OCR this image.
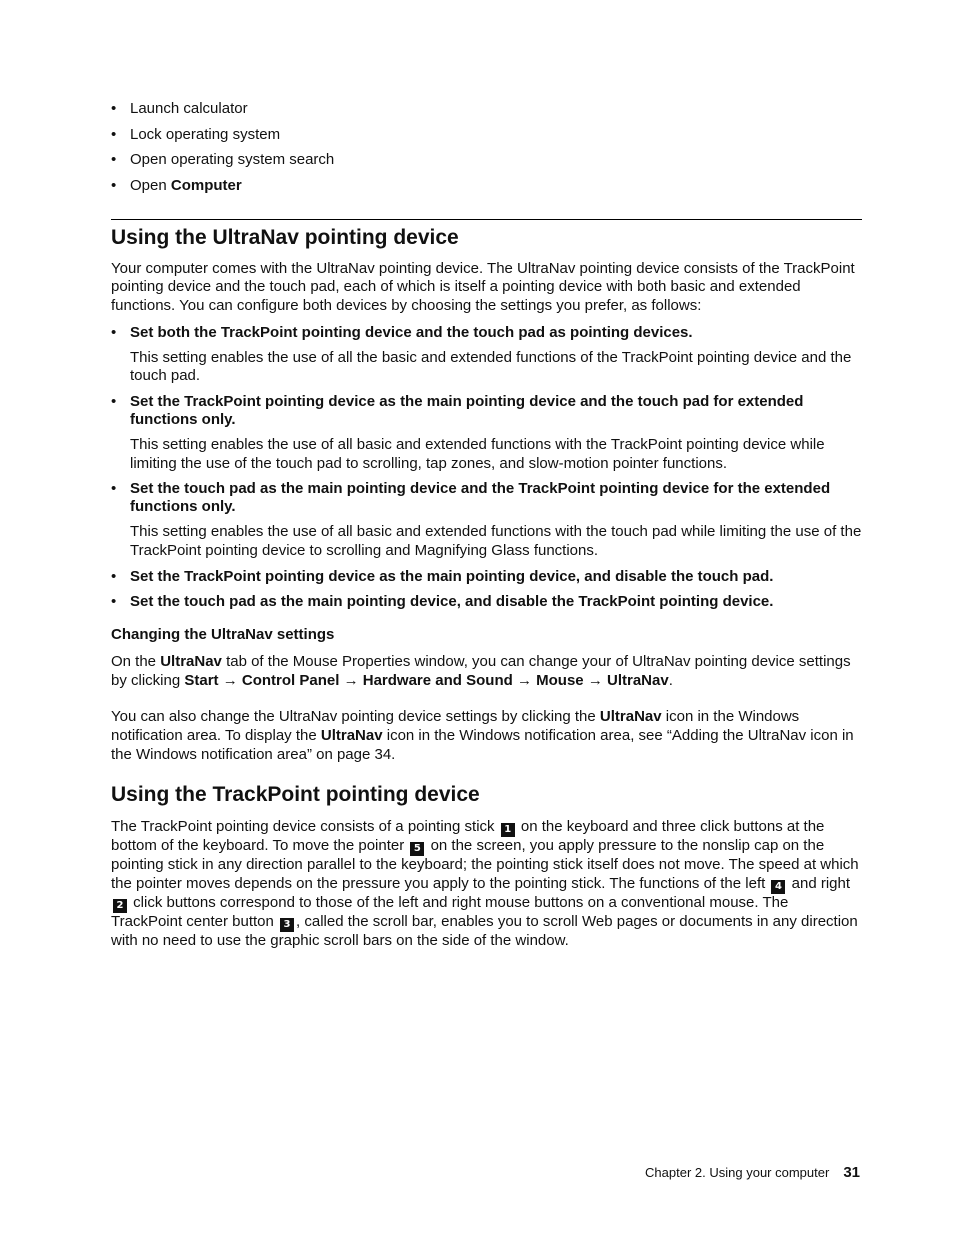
• Launch calculator
• Lock operating system
• Open operating system search
• Open Computer
Using the UltraNav pointing device

Your computer comes with the UltraNav pointing device. The UltraNav pointing device consists of the TrackPoint pointing device and the touch pad, each of which is itself a pointing device with both basic and extended functions. You can configure both devices by choosing the settings you prefer, as follows:

• Set both the TrackPoint pointing device and the touch pad as pointing devices.
This setting enables the use of all the basic and extended functions of the TrackPoint pointing device and the touch pad.
• Set the TrackPoint pointing device as the main pointing device and the touch pad for extended functions only.
This setting enables the use of all basic and extended functions with the TrackPoint pointing device while limiting the use of the touch pad to scrolling, tap zones, and slow-motion pointer functions.
• Set the touch pad as the main pointing device and the TrackPoint pointing device for the extended functions only.
This setting enables the use of all basic and extended functions with the touch pad while limiting the use of the TrackPoint pointing device to scrolling and Magnifying Glass functions.
• Set the TrackPoint pointing device as the main pointing device, and disable the touch pad.
• Set the touch pad as the main pointing device, and disable the TrackPoint pointing device.
Changing the UltraNav settings

On the UltraNav tab of the Mouse Properties window, you can change your of UltraNav pointing device settings by clicking Start → Control Panel → Hardware and Sound → Mouse → UltraNav.

You can also change the UltraNav pointing device settings by clicking the UltraNav icon in the Windows notification area. To display the UltraNav icon in the Windows notification area, see “Adding the UltraNav icon in the Windows notification area” on page 34.

Using the TrackPoint pointing device

The TrackPoint pointing device consists of a pointing stick 1 on the keyboard and three click buttons at the bottom of the keyboard. To move the pointer 5 on the screen, you apply pressure to the nonslip cap on the pointing stick in any direction parallel to the keyboard; the pointing stick itself does not move. The speed at which the pointer moves depends on the pressure you apply to the pointing stick. The functions of the left 4 and right 2 click buttons correspond to those of the left and right mouse buttons on a conventional mouse. The TrackPoint center button 3 , called the scroll bar, enables you to scroll Web pages or documents in any direction with no need to use the graphic scroll bars on the side of the window.

Chapter 2. Using your computer 31
